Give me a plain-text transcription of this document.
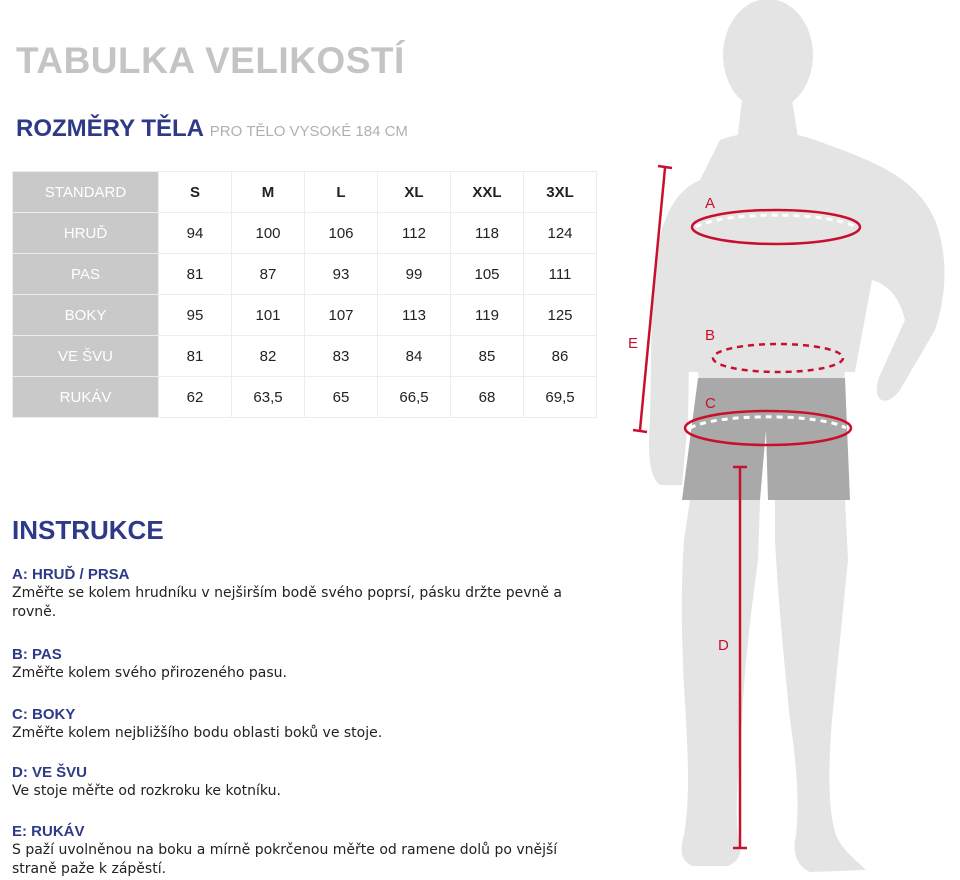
TABULKA VELIKOSTÍ
ROZMĚRY TĚLA PRO TĚLO VYSOKÉ 184 CM
STANDARD	S	M	L	XL	XXL	3XL
HRUĎ	94	100	106	112	118	124
PAS	81	87	93	99	105	111
BOKY	95	101	107	113	119	125
VE ŠVU	81	82	83	84	85	86
RUKÁV	62	63,5	65	66,5	68	69,5
INSTRUKCE
A: HRUĎ / PRSA
Změřte se kolem hrudníku v nejširším bodě svého poprsí, pásku držte pevně a rovně.
B: PAS
Změřte kolem svého přirozeného pasu.
C: BOKY
Změřte kolem nejbližšího bodu oblasti boků ve stoje.
D: VE ŠVU
Ve stoje měřte od rozkroku ke kotníku.
E: RUKÁV
S paží uvolněnou na boku a mírně pokrčenou měřte od ramene dolů po vnější straně paže k zápěstí.
A
B
C
D
E
